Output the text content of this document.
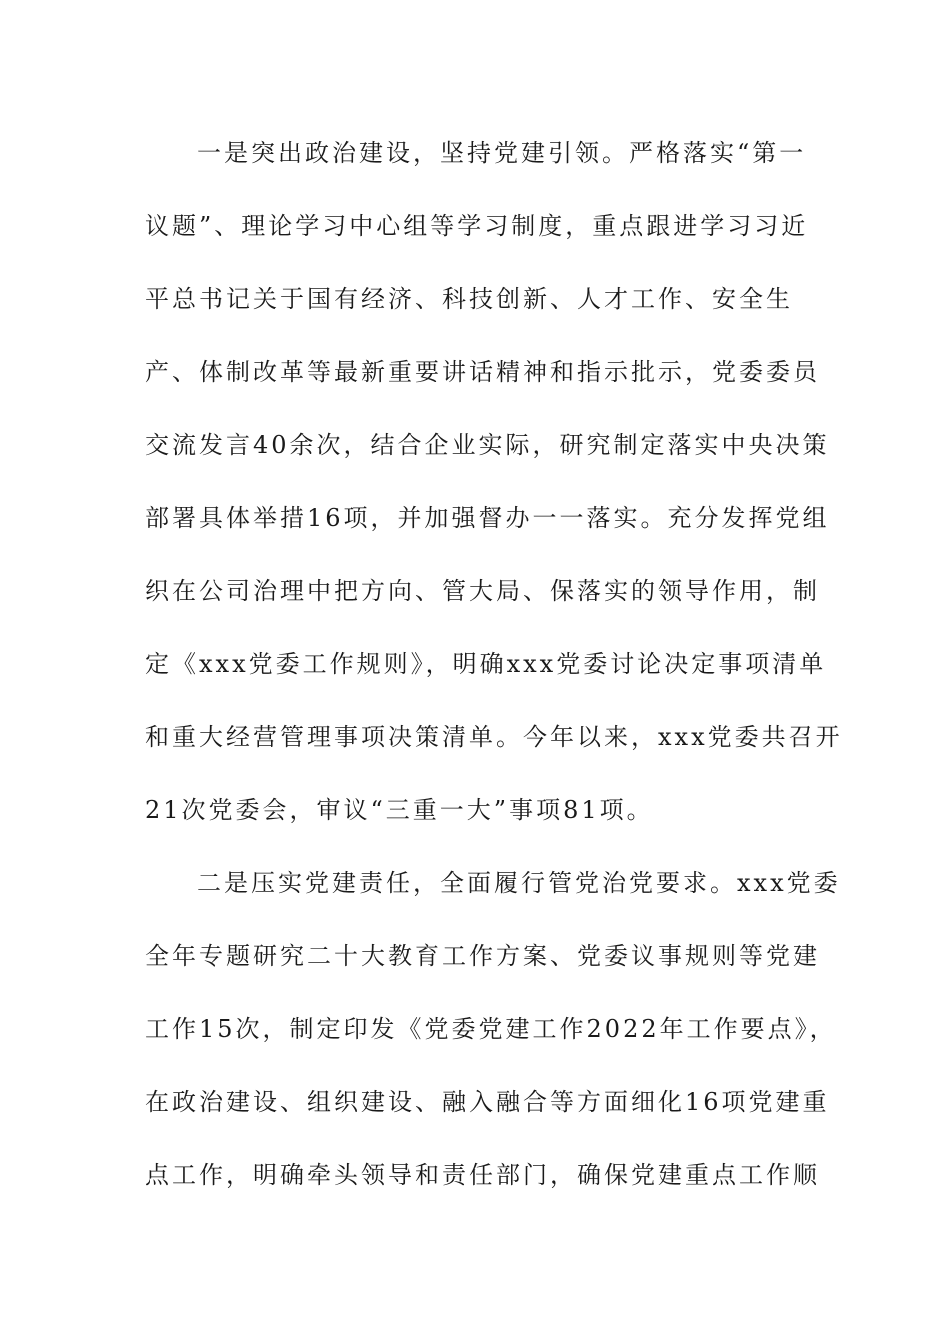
一是突出政治建设，坚持党建引领。严格落实“第一
议题”、理论学习中心组等学习制度，重点跟进学习习近
平总书记关于国有经济、科技创新、人才工作、安全生
产、体制改革等最新重要讲话精神和指示批示，党委委员
交流发言40余次，结合企业实际，研究制定落实中央决策
部署具体举措16项，并加强督办一一落实。充分发挥党组
织在公司治理中把方向、管大局、保落实的领导作用，制
定《xxx党委工作规则》，明确xxx党委讨论决定事项清单
和重大经营管理事项决策清单。今年以来，xxx党委共召开
21次党委会，审议“三重一大”事项81项。
二是压实党建责任，全面履行管党治党要求。xxx党委
全年专题研究二十大教育工作方案、党委议事规则等党建
工作15次，制定印发《党委党建工作2022年工作要点》，
在政治建设、组织建设、融入融合等方面细化16项党建重
点工作，明确牵头领导和责任部门，确保党建重点工作顺
